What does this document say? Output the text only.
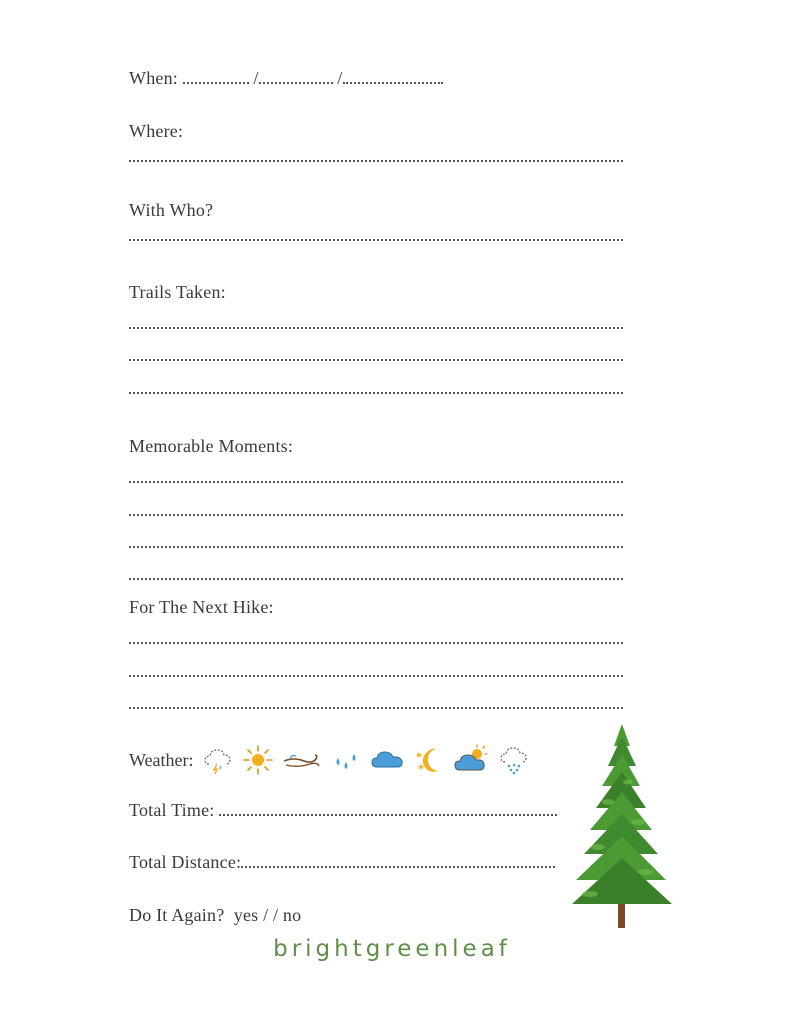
When:	/	/
Where:
With Who?
Trails Taken:
Memorable Moments:
For The Next Hike:
Weather:
Total Time:
Total Distance:
Do It Again? yes / / no
brightgreenleaf
